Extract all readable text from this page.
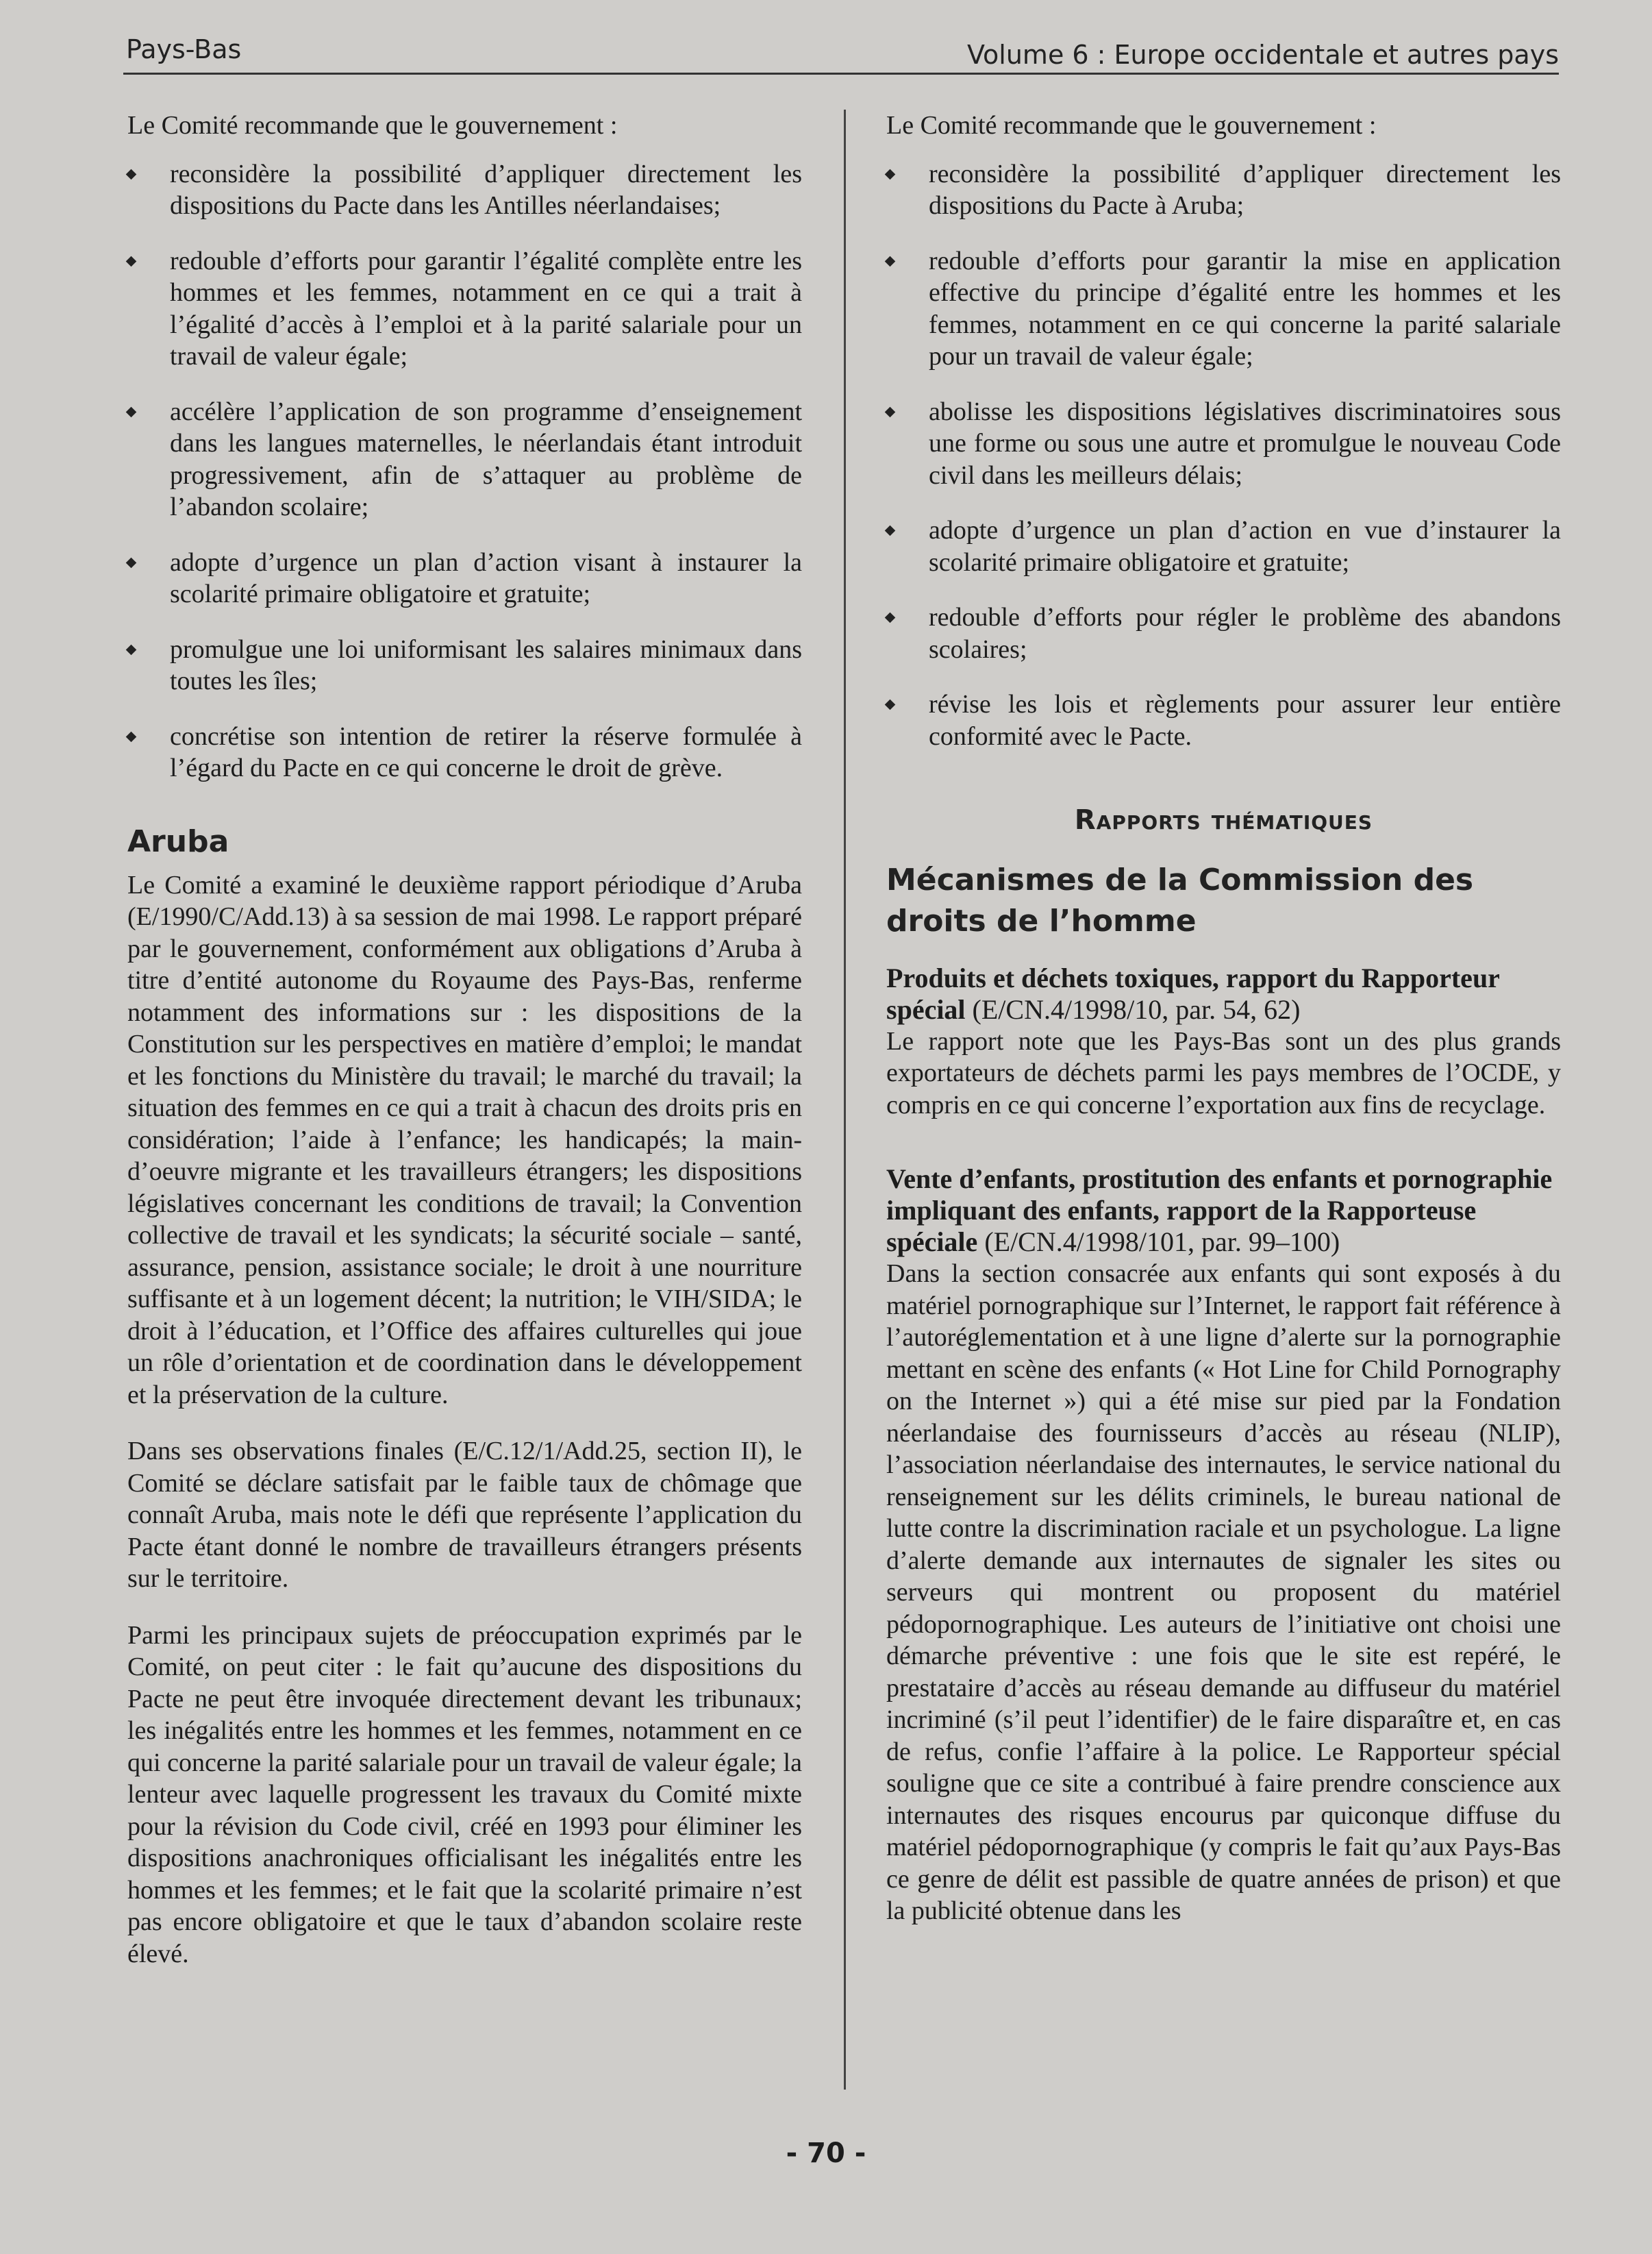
Pays-Bas	Volume 6 : Europe occidentale et autres pays

Le Comité recommande que le gouvernement :

reconsidère la possibilité d’appliquer directement les dispositions du Pacte dans les Antilles néerlandaises;
redouble d’efforts pour garantir l’égalité complète entre les hommes et les femmes, notamment en ce qui a trait à l’égalité d’accès à l’emploi et à la parité salariale pour un travail de valeur égale;
accélère l’application de son programme d’enseignement dans les langues maternelles, le néerlandais étant introduit progressivement, afin de s’attaquer au problème de l’abandon scolaire;
adopte d’urgence un plan d’action visant à instaurer la scolarité primaire obligatoire et gratuite;
promulgue une loi uniformisant les salaires minimaux dans toutes les îles;
concrétise son intention de retirer la réserve formulée à l’égard du Pacte en ce qui concerne le droit de grève.
Aruba

Le Comité a examiné le deuxième rapport périodique d’Aruba (E/1990/C/Add.13) à sa session de mai 1998. Le rapport préparé par le gouvernement, conformément aux obligations d’Aruba à titre d’entité autonome du Royaume des Pays-Bas, renferme notamment des informations sur : les dispositions de la Constitution sur les perspectives en matière d’emploi; le mandat et les fonctions du Ministère du travail; le marché du travail; la situation des femmes en ce qui a trait à chacun des droits pris en considération; l’aide à l’enfance; les handicapés; la main-d’oeuvre migrante et les travailleurs étrangers; les dispositions législatives concernant les conditions de travail; la Convention collective de travail et les syndicats; la sécurité sociale – santé, assurance, pension, assistance sociale; le droit à une nourriture suffisante et à un logement décent; la nutrition; le VIH/SIDA; le droit à l’éducation, et l’Office des affaires culturelles qui joue un rôle d’orientation et de coordination dans le développement et la préservation de la culture.

Dans ses observations finales (E/C.12/1/Add.25, section II), le Comité se déclare satisfait par le faible taux de chômage que connaît Aruba, mais note le défi que représente l’application du Pacte étant donné le nombre de travailleurs étrangers présents sur le territoire.

Parmi les principaux sujets de préoccupation exprimés par le Comité, on peut citer : le fait qu’aucune des dispositions du Pacte ne peut être invoquée directement devant les tribunaux; les inégalités entre les hommes et les femmes, notamment en ce qui concerne la parité salariale pour un travail de valeur égale; la lenteur avec laquelle progressent les travaux du Comité mixte pour la révision du Code civil, créé en 1993 pour éliminer les dispositions anachroniques officialisant les inégalités entre les hommes et les femmes; et le fait que la scolarité primaire n’est pas encore obligatoire et que le taux d’abandon scolaire reste élevé.

Le Comité recommande que le gouvernement :

reconsidère la possibilité d’appliquer directement les dispositions du Pacte à Aruba;
redouble d’efforts pour garantir la mise en application effective du principe d’égalité entre les hommes et les femmes, notamment en ce qui concerne la parité salariale pour un travail de valeur égale;
abolisse les dispositions législatives discriminatoires sous une forme ou sous une autre et promulgue le nouveau Code civil dans les meilleurs délais;
adopte d’urgence un plan d’action en vue d’instaurer la scolarité primaire obligatoire et gratuite;
redouble d’efforts pour régler le problème des abandons scolaires;
révise les lois et règlements pour assurer leur entière conformité avec le Pacte.
Rapports thématiques
Mécanismes de la Commission des droits de l’homme
Produits et déchets toxiques, rapport du Rapporteur spécial (E/CN.4/1998/10, par. 54, 62)

Le rapport note que les Pays-Bas sont un des plus grands exportateurs de déchets parmi les pays membres de l’OCDE, y compris en ce qui concerne l’exportation aux fins de recyclage.

Vente d’enfants, prostitution des enfants et pornographie impliquant des enfants, rapport de la Rapporteuse spéciale (E/CN.4/1998/101, par. 99–100)

Dans la section consacrée aux enfants qui sont exposés à du matériel pornographique sur l’Internet, le rapport fait référence à l’autoréglementation et à une ligne d’alerte sur la pornographie mettant en scène des enfants (« Hot Line for Child Pornography on the Internet ») qui a été mise sur pied par la Fondation néerlandaise des fournisseurs d’accès au réseau (NLIP), l’association néerlandaise des internautes, le service national du renseignement sur les délits criminels, le bureau national de lutte contre la discrimination raciale et un psychologue. La ligne d’alerte demande aux internautes de signaler les sites ou serveurs qui montrent ou proposent du matériel pédopornographique. Les auteurs de l’initiative ont choisi une démarche préventive : une fois que le site est repéré, le prestataire d’accès au réseau demande au diffuseur du matériel incriminé (s’il peut l’identifier) de le faire disparaître et, en cas de refus, confie l’affaire à la police. Le Rapporteur spécial souligne que ce site a contribué à faire prendre conscience aux internautes des risques encourus par quiconque diffuse du matériel pédopornographique (y compris le fait qu’aux Pays-Bas ce genre de délit est passible de quatre années de prison) et que la publicité obtenue dans les

- 70 -
